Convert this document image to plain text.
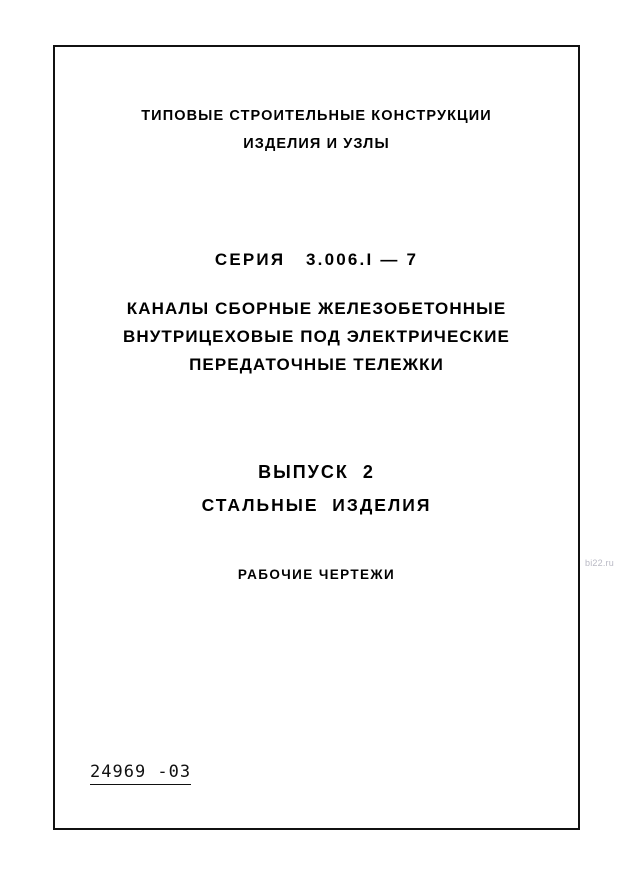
ТИПОВЫЕ СТРОИТЕЛЬНЫЕ КОНСТРУКЦИИ
ИЗДЕЛИЯ И УЗЛЫ
СЕРИЯ   3.006.I — 7
КАНАЛЫ СБОРНЫЕ ЖЕЛЕЗОБЕТОННЫЕ
ВНУТРИЦЕХОВЫЕ ПОД ЭЛЕКТРИЧЕСКИЕ
ПЕРЕДАТОЧНЫЕ ТЕЛЕЖКИ
ВЫПУСК  2
СТАЛЬНЫЕ  ИЗДЕЛИЯ
РАБОЧИЕ ЧЕРТЕЖИ
24969 -03
bi22.ru
